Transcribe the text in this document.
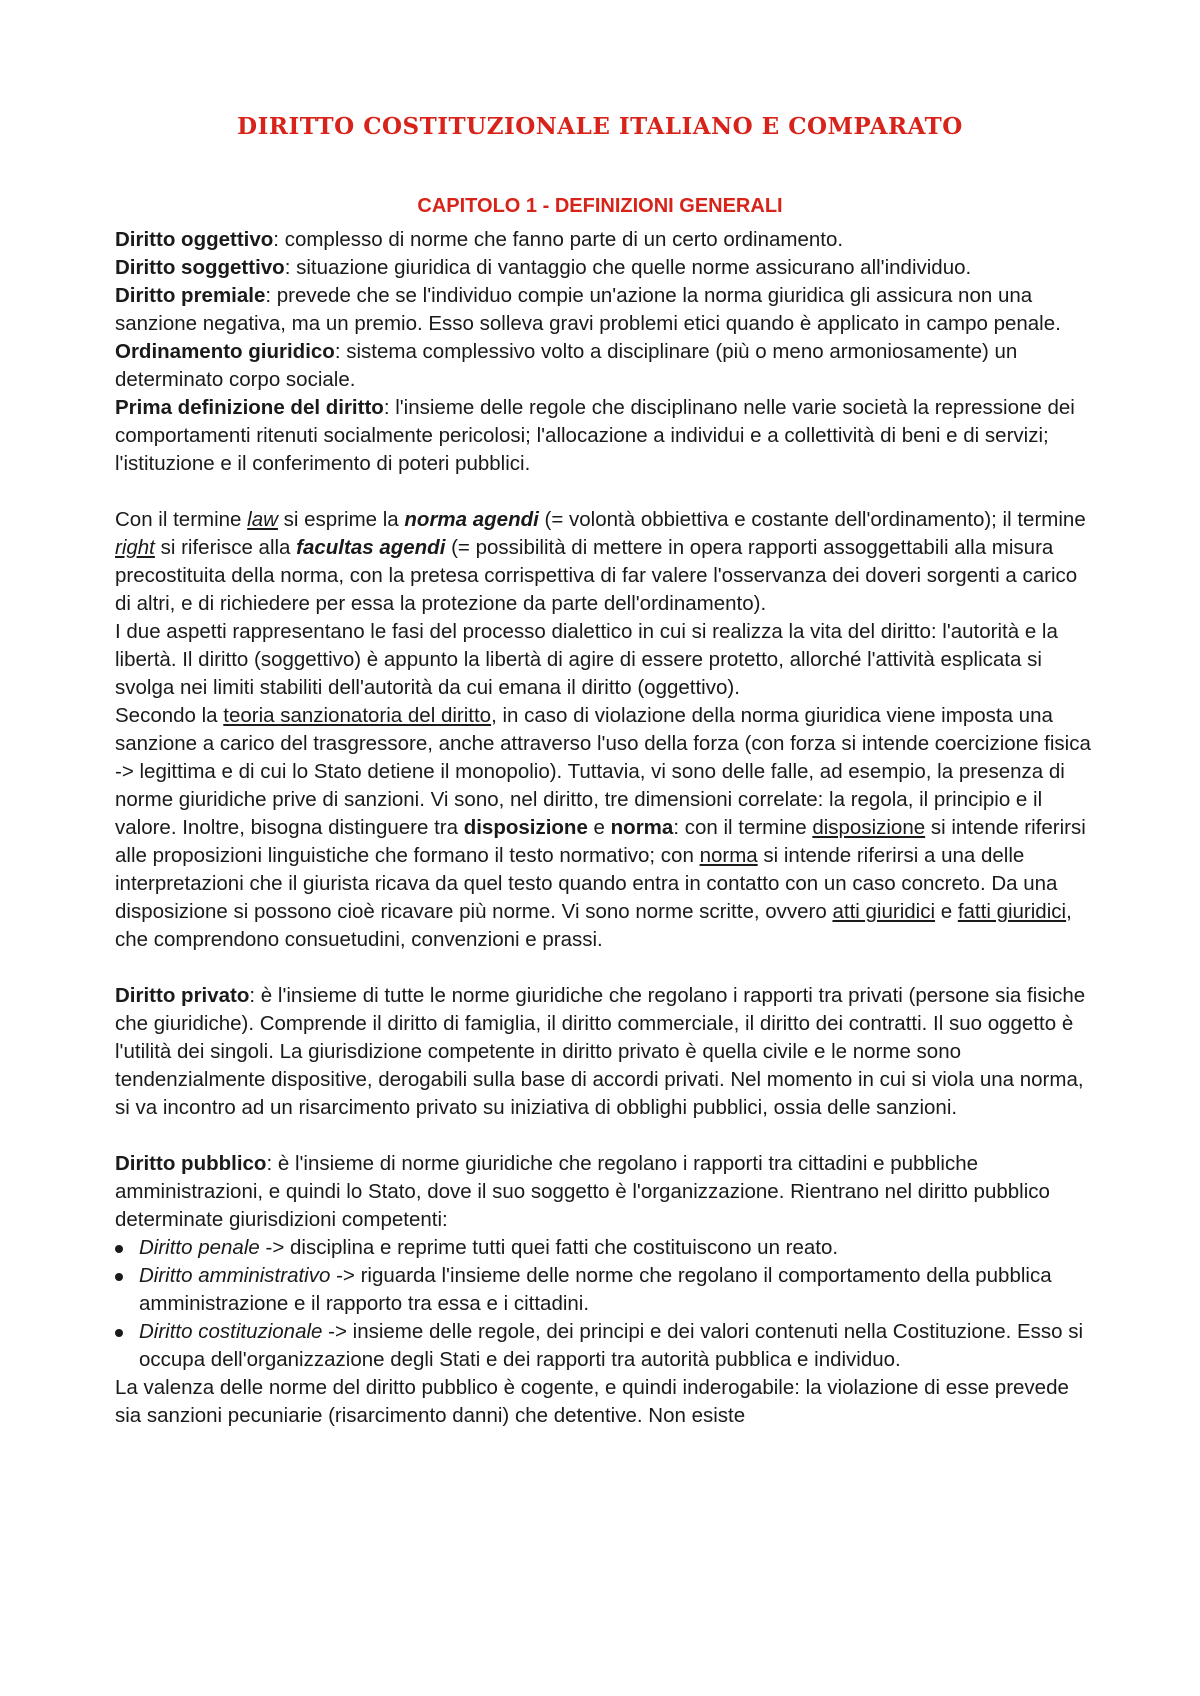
DIRITTO COSTITUZIONALE ITALIANO E COMPARATO
CAPITOLO 1 - DEFINIZIONI GENERALI

Diritto oggettivo: complesso di norme che fanno parte di un certo ordinamento.

Diritto soggettivo: situazione giuridica di vantaggio che quelle norme assicurano all'individuo.

Diritto premiale: prevede che se l'individuo compie un'azione la norma giuridica gli assicura non una sanzione negativa, ma un premio. Esso solleva gravi problemi etici quando è applicato in campo penale.

Ordinamento giuridico: sistema complessivo volto a disciplinare (più o meno armoniosamente) un determinato corpo sociale.

Prima definizione del diritto: l'insieme delle regole che disciplinano nelle varie società la repressione dei comportamenti ritenuti socialmente pericolosi; l'allocazione a individui e a collettività di beni e di servizi; l'istituzione e il conferimento di poteri pubblici.

Con il termine law si esprime la norma agendi (= volontà obbiettiva e costante dell'ordinamento); il termine right si riferisce alla facultas agendi (= possibilità di mettere in opera rapporti assoggettabili alla misura precostituita della norma, con la pretesa corrispettiva di far valere l'osservanza dei doveri sorgenti a carico di altri, e di richiedere per essa la protezione da parte dell'ordinamento).

I due aspetti rappresentano le fasi del processo dialettico in cui si realizza la vita del diritto: l'autorità e la libertà. Il diritto (soggettivo) è appunto la libertà di agire di essere protetto, allorché l'attività esplicata si svolga nei limiti stabiliti dell'autorità da cui emana il diritto (oggettivo).

Secondo la teoria sanzionatoria del diritto, in caso di violazione della norma giuridica viene imposta una sanzione a carico del trasgressore, anche attraverso l'uso della forza (con forza si intende coercizione fisica -> legittima e di cui lo Stato detiene il monopolio). Tuttavia, vi sono delle falle, ad esempio, la presenza di norme giuridiche prive di sanzioni. Vi sono, nel diritto, tre dimensioni correlate: la regola, il principio e il valore. Inoltre, bisogna distinguere tra disposizione e norma: con il termine disposizione si intende riferirsi alle proposizioni linguistiche che formano il testo normativo; con norma si intende riferirsi a una delle interpretazioni che il giurista ricava da quel testo quando entra in contatto con un caso concreto. Da una disposizione si possono cioè ricavare più norme. Vi sono norme scritte, ovvero atti giuridici e fatti giuridici, che comprendono consuetudini, convenzioni e prassi.

Diritto privato: è l'insieme di tutte le norme giuridiche che regolano i rapporti tra privati (persone sia fisiche che giuridiche). Comprende il diritto di famiglia, il diritto commerciale, il diritto dei contratti. Il suo oggetto è l'utilità dei singoli. La giurisdizione competente in diritto privato è quella civile e le norme sono tendenzialmente dispositive, derogabili sulla base di accordi privati. Nel momento in cui si viola una norma, si va incontro ad un risarcimento privato su iniziativa di obblighi pubblici, ossia delle sanzioni.

Diritto pubblico: è l'insieme di norme giuridiche che regolano i rapporti tra cittadini e pubbliche amministrazioni, e quindi lo Stato, dove il suo soggetto è l'organizzazione. Rientrano nel diritto pubblico determinate giurisdizioni competenti:

Diritto penale -> disciplina e reprime tutti quei fatti che costituiscono un reato.
Diritto amministrativo -> riguarda l'insieme delle norme che regolano il comportamento della pubblica amministrazione e il rapporto tra essa e i cittadini.
Diritto costituzionale -> insieme delle regole, dei principi e dei valori contenuti nella Costituzione. Esso si occupa dell'organizzazione degli Stati e dei rapporti tra autorità pubblica e individuo.

La valenza delle norme del diritto pubblico è cogente, e quindi inderogabile: la violazione di esse prevede sia sanzioni pecuniarie (risarcimento danni) che detentive. Non esiste
